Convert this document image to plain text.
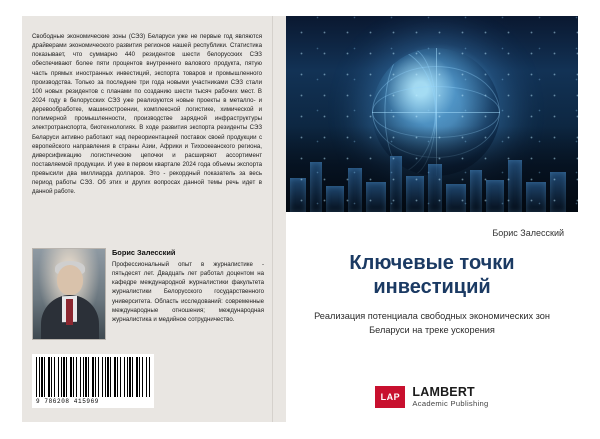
Свободные экономические зоны (СЭЗ) Беларуси уже не первые год являются драйверами экономического развития регионов нашей республики. Статистика показывает, что суммарно 440 резидентов шести белорусских СЭЗ обеспечивают более пяти процентов внутреннего валового продукта, пятую часть прямых иностранных инвестиций, экспорта товаров и промышленного производства. Только за последние три года новыми участниками СЭЗ стали 100 новых резидентов с планами по созданию шести тысяч рабочих мест. В 2024 году в белорусских СЭЗ уже реализуются новые проекты в металло- и деревообработке, машиностроении, комплексной логистике, химической и полимерной промышленности, производстве зарядной инфраструктуры электротранспорта, биотехнологиях. В ходе развития экспорта резиденты СЭЗ Беларуси активно работают над переориентацией поставок своей продукции с европейского направления в страны Азии, Африки и Тихоокеанского региона, диверсификацию логистические цепочки и расширяют ассортимент поставляемой продукции. И уже в первом квартале 2024 года объемы экспорта превысили два миллиарда долларов. Это - рекордный показатель за весь период работы СЭЗ. Об этих и других вопросах данной темы речь идет в данной работе.
Борис Залесский
Профессиональный опыт в журналистике - пятьдесят лет. Двадцать лет работал доцентом на кафедре международной журналистики факультета журналистики Белорусского государственного университета. Область исследований: современные международные отношения; международная журналистика и медийное сотрудничество.
9 786208 415969
Борис Залесский
Ключевые точки инвестиций
Реализация потенциала свободных экономических зон Беларуси на треке ускорения
LAP LAMBERT
Academic Publishing
